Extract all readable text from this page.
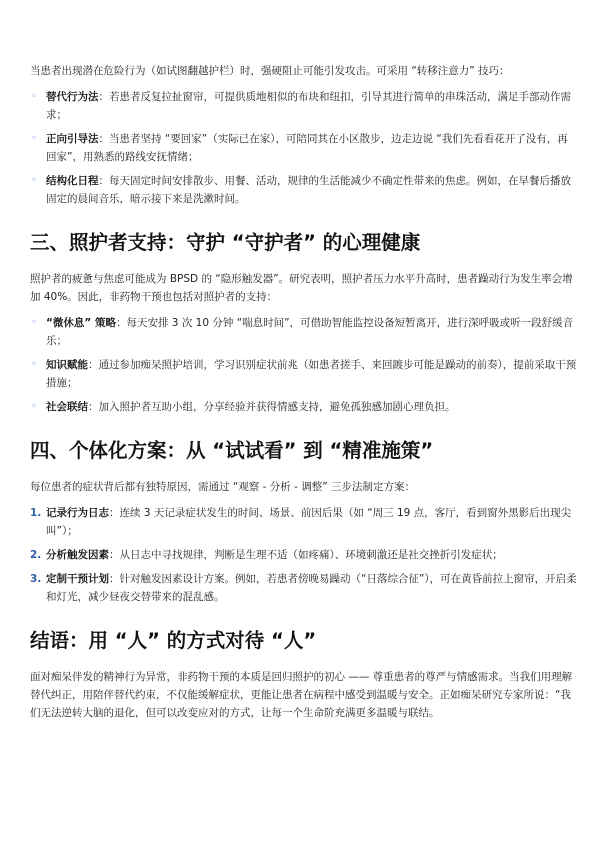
当患者出现潜在危险行为（如试图翻越护栏）时，强硬阻止可能引发攻击。可采用 “转移注意力” 技巧：

◦ 替代行为法：若患者反复拉扯窗帘，可提供质地相似的布块和纽扣，引导其进行简单的串珠活动，满足手部动作需求；
◦ 正向引导法：当患者坚持 “要回家”（实际已在家），可陪同其在小区散步，边走边说 “我们先看看花开了没有，再回家”，用熟悉的路线安抚情绪；
◦ 结构化日程：每天固定时间安排散步、用餐、活动，规律的生活能减少不确定性带来的焦虑。例如，在早餐后播放固定的晨间音乐，暗示接下来是洗漱时间。
三、照护者支持：守护 “守护者” 的心理健康

照护者的疲惫与焦虑可能成为 BPSD 的 “隐形触发器”。研究表明，照护者压力水平升高时，患者躁动行为发生率会增加 40%。因此，非药物干预也包括对照护者的支持：

◦ “微休息” 策略：每天安排 3 次 10 分钟 “喘息时间”，可借助智能监控设备短暂离开，进行深呼吸或听一段舒缓音乐；
◦ 知识赋能：通过参加痴呆照护培训，学习识别症状前兆（如患者搓手、来回踱步可能是躁动的前奏），提前采取干预措施；
◦ 社会联结：加入照护者互助小组，分享经验并获得情感支持，避免孤独感加剧心理负担。
四、个体化方案：从 “试试看” 到 “精准施策”

每位患者的症状背后都有独特原因，需通过 “观察 - 分析 - 调整” 三步法制定方案：

1. 记录行为日志：连续 3 天记录症状发生的时间、场景、前因后果（如 “周三 19 点，客厅，看到窗外黑影后出现尖叫”）；
2. 分析触发因素：从日志中寻找规律，判断是生理不适（如疼痛）、环境刺激还是社交挫折引发症状；
3. 定制干预计划：针对触发因素设计方案。例如，若患者傍晚易躁动（“日落综合征”），可在黄昏前拉上窗帘，开启柔和灯光，减少昼夜交替带来的混乱感。
结语：用 “人” 的方式对待 “人”

面对痴呆伴发的精神行为异常，非药物干预的本质是回归照护的初心 —— 尊重患者的尊严与情感需求。当我们用理解替代纠正，用陪伴替代约束，不仅能缓解症状，更能让患者在病程中感受到温暖与安全。正如痴呆研究专家所说：“我们无法逆转大脑的退化，但可以改变应对的方式，让每一个生命阶充满更多温暖与联结。
